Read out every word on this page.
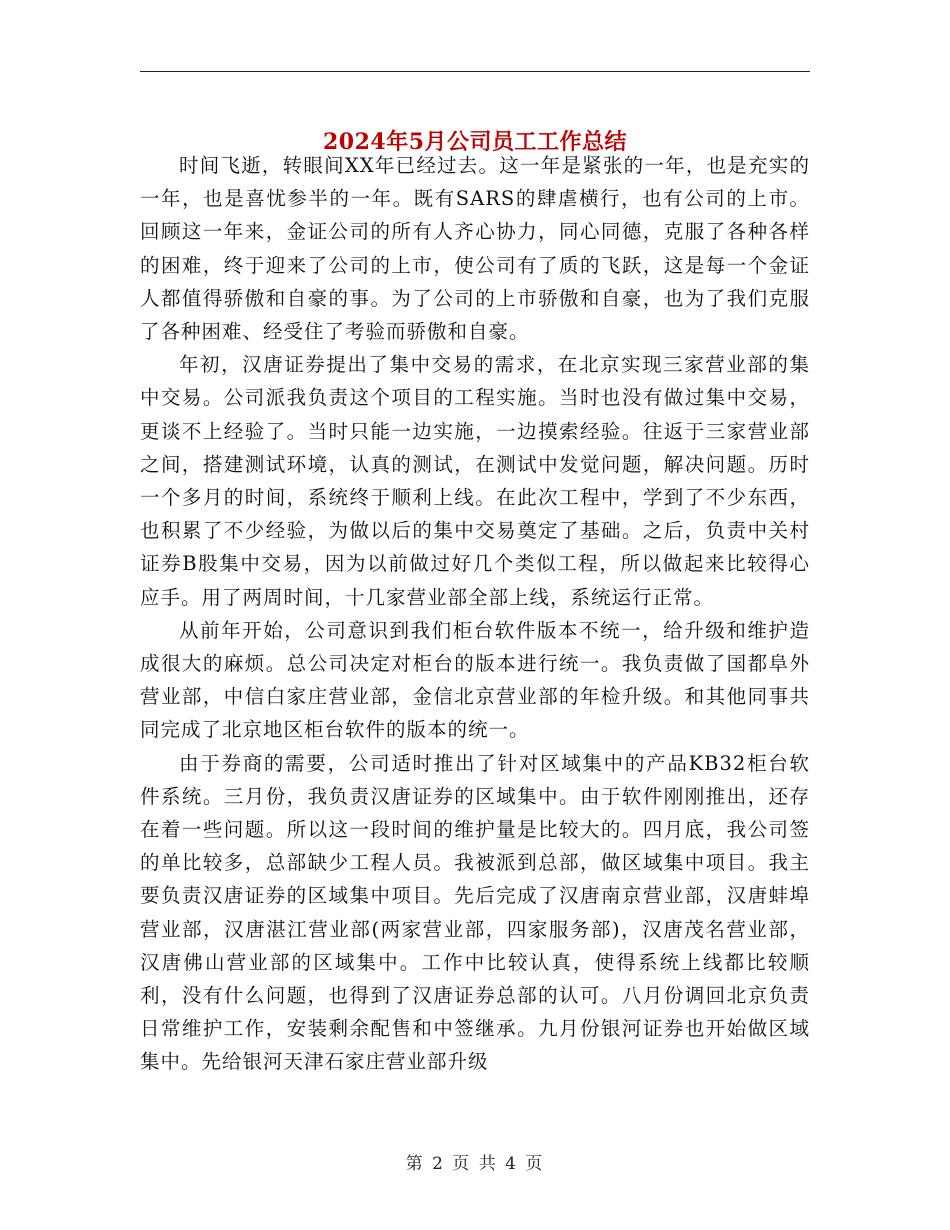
2024年5月公司员工工作总结

时间飞逝，转眼间XX年已经过去。这一年是紧张的一年，也是充实的一年，也是喜忧参半的一年。既有SARS的肆虐横行，也有公司的上市。回顾这一年来，金证公司的所有人齐心协力，同心同德，克服了各种各样的困难，终于迎来了公司的上市，使公司有了质的飞跃，这是每一个金证人都值得骄傲和自豪的事。为了公司的上市骄傲和自豪，也为了我们克服了各种困难、经受住了考验而骄傲和自豪。

年初，汉唐证券提出了集中交易的需求，在北京实现三家营业部的集中交易。公司派我负责这个项目的工程实施。当时也没有做过集中交易，更谈不上经验了。当时只能一边实施，一边摸索经验。往返于三家营业部之间，搭建测试环境，认真的测试，在测试中发觉问题，解决问题。历时一个多月的时间，系统终于顺利上线。在此次工程中，学到了不少东西，也积累了不少经验，为做以后的集中交易奠定了基础。之后，负责中关村证券B股集中交易，因为以前做过好几个类似工程，所以做起来比较得心应手。用了两周时间，十几家营业部全部上线，系统运行正常。

从前年开始，公司意识到我们柜台软件版本不统一，给升级和维护造成很大的麻烦。总公司决定对柜台的版本进行统一。我负责做了国都阜外营业部，中信白家庄营业部，金信北京营业部的年检升级。和其他同事共同完成了北京地区柜台软件的版本的统一。

由于券商的需要，公司适时推出了针对区域集中的产品KB32柜台软件系统。三月份，我负责汉唐证券的区域集中。由于软件刚刚推出，还存在着一些问题。所以这一段时间的维护量是比较大的。四月底，我公司签的单比较多，总部缺少工程人员。我被派到总部，做区域集中项目。我主要负责汉唐证券的区域集中项目。先后完成了汉唐南京营业部，汉唐蚌埠营业部，汉唐湛江营业部(两家营业部，四家服务部)，汉唐茂名营业部，汉唐佛山营业部的区域集中。工作中比较认真，使得系统上线都比较顺利，没有什么问题，也得到了汉唐证券总部的认可。八月份调回北京负责日常维护工作，安装剩余配售和中签继承。九月份银河证券也开始做区域集中。先给银河天津石家庄营业部升级

第 2 页 共 4 页
